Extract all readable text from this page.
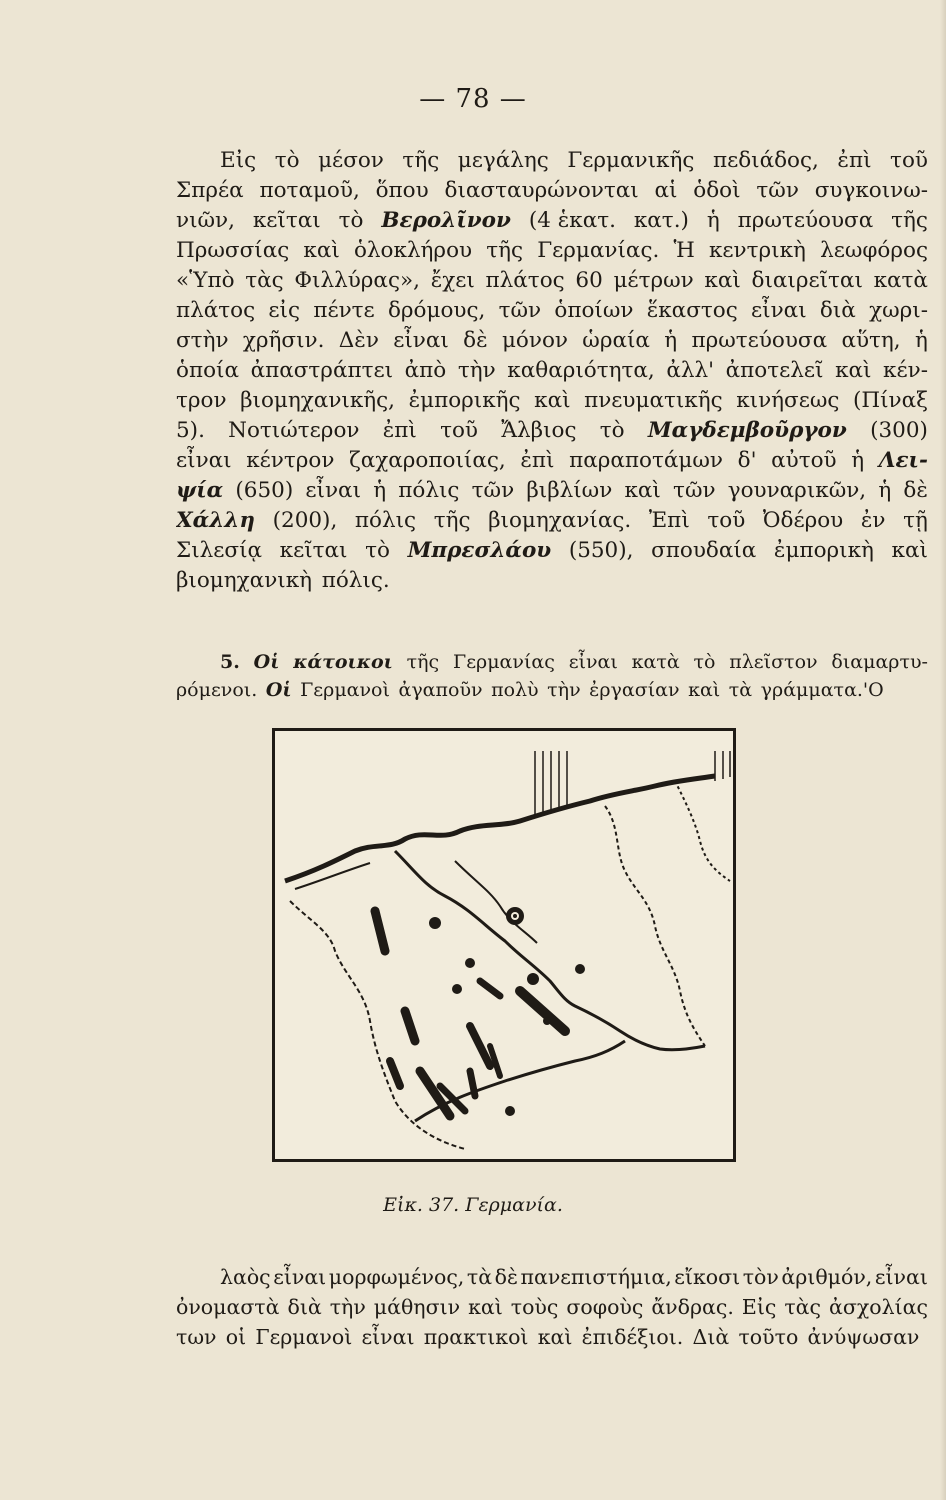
— 78 —
Εἰς τὸ μέσον τῆς μεγάλης Γερμανικῆς πεδιάδος, ἐπὶ τοῦ
Σπρέα ποταμοῦ, ὅπου διασταυρώνονται αἱ ὁδοὶ τῶν συγκοινω-
νιῶν, κεῖται τὸ Βερολῖνον (4 ἑκατ. κατ.) ἡ πρωτεύουσα τῆς
Πρωσσίας καὶ ὁλοκλήρου τῆς Γερμανίας. Ἡ κεντρικὴ λεωφόρος
«Ὑπὸ τὰς Φιλλύρας», ἔχει πλάτος 60 μέτρων καὶ διαιρεῖται κατὰ
πλάτος εἰς πέντε δρόμους, τῶν ὁποίων ἕκαστος εἶναι διὰ χωρι-
στὴν χρῆσιν. Δὲν εἶναι δὲ μόνον ὡραία ἡ πρωτεύουσα αὕτη, ἡ
ὁποία ἀπαστράπτει ἀπὸ τὴν καθαριότητα, ἀλλ' ἀποτελεῖ καὶ κέν-
τρον βιομηχανικῆς, ἐμπορικῆς καὶ πνευματικῆς κινήσεως (Πίναξ
5). Νοτιώτερον ἐπὶ τοῦ Ἄλβιος τὸ Μαγδεμβοῦργον (300)
εἶναι κέντρον ζαχαροποιίας, ἐπὶ παραποτάμων δ' αὐτοῦ ἡ Λει-
ψία (650) εἶναι ἡ πόλις τῶν βιβλίων καὶ τῶν γουναρικῶν, ἡ δὲ
Χάλλη (200), πόλις τῆς βιομηχανίας. Ἐπὶ τοῦ Ὀδέρου ἐν τῇ
Σιλεσίᾳ κεῖται τὸ Μπρεσλάου (550), σπουδαία ἐμπορικὴ καὶ
βιομηχανικὴ πόλις.
5. Οἱ κάτοικοι τῆς Γερμανίας εἶναι κατὰ τὸ πλεῖστον διαμαρτυ-
ρόμενοι. Οἱ Γερμανοὶ ἀγαποῦν πολὺ τὴν ἐργασίαν καὶ τὰ γράμματα.'Ο
Εἰκ. 37. Γερμανία.
λαὸς εἶναι μορφωμένος, τὰ δὲ πανεπιστήμια, εἴκοσι τὸν ἀριθμόν, εἶναι
ὀνομαστὰ διὰ τὴν μάθησιν καὶ τοὺς σοφοὺς ἄνδρας. Εἰς τὰς ἀσχολίας
των οἱ Γερμανοὶ εἶναι πρακτικοὶ καὶ ἐπιδέξιοι. Διὰ τοῦτο ἀνύψωσαν
